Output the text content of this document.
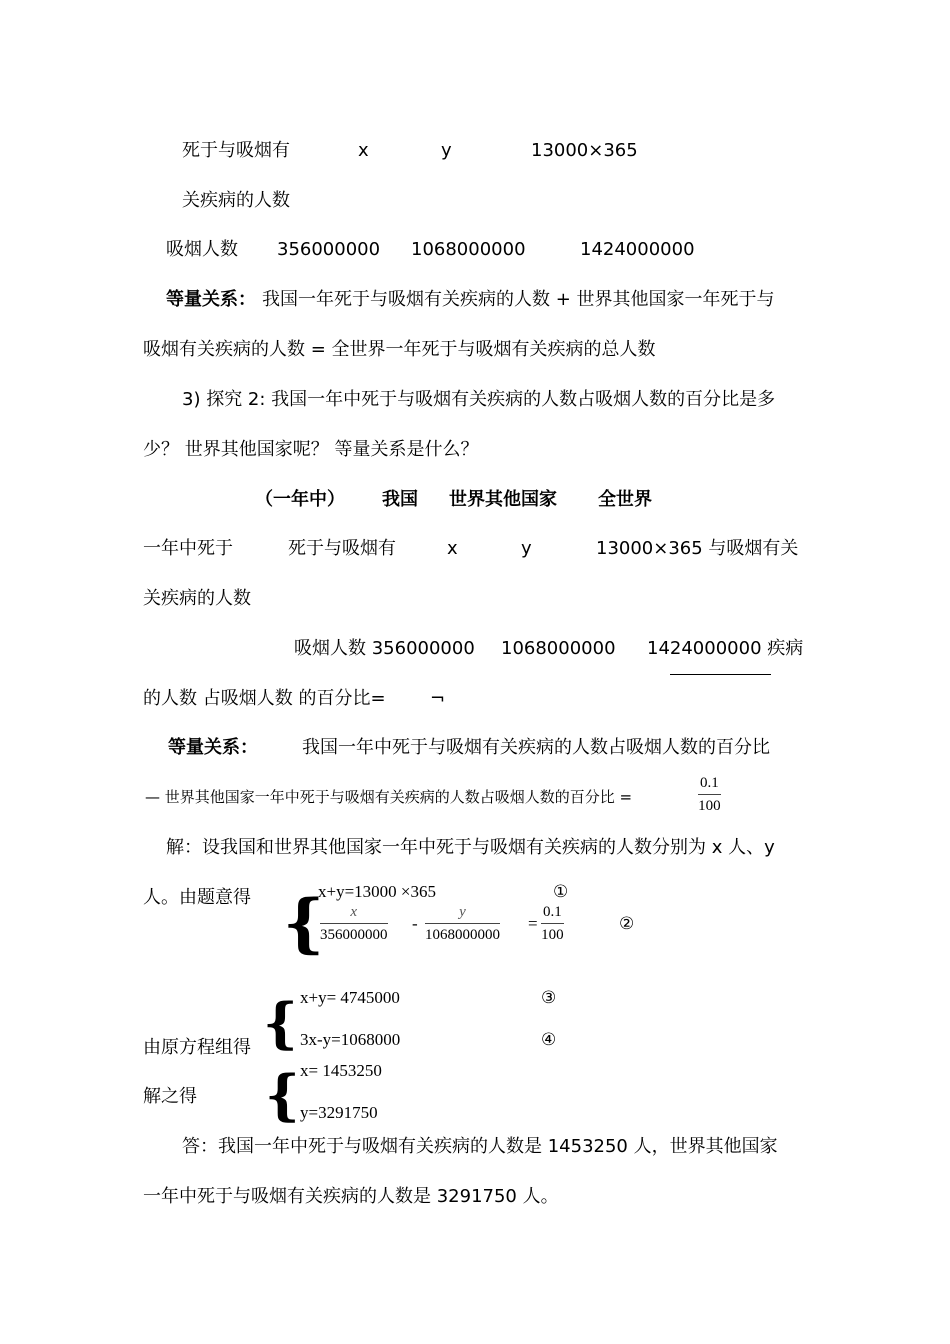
死于与吸烟有	x	y	13000×365
关疾病的人数
吸烟人数 356000000 1068000000	1424000000
等量关系： 我国一年死于与吸烟有关疾病的人数 + 世界其他国家一年死于与
吸烟有关疾病的人数 = 全世界一年死于与吸烟有关疾病的总人数
3) 探究 2: 我国一年中死于与吸烟有关疾病的人数占吸烟人数的百分比是多
少？ 世界其他国家呢？ 等量关系是什么？
（一年中） 我国 世界其他国家 全世界
一年中死于	死于与吸烟有	x	y	13000×365 与吸烟有关
关疾病的人数
吸烟人数 356000000 1068000000 1424000000 疾病
的人数 占吸烟人数 的百分比= ¬
等量关系： 我国一年中死于与吸烟有关疾病的人数占吸烟人数的百分比
— 世界其他国家一年中死于与吸烟有关疾病的人数占吸烟人数的百分比 =	$\frac{0.1}{100}$
解：设我国和世界其他国家一年中死于与吸烟有关疾病的人数分别为 x 人、y
人。由题意得 {
x+y=13000 ×365	①
$\frac{x}{356000000} - \frac{y}{1068000000} = \frac{0.1}{100}$	②
{ x+y= 4745000	③
3x-y=1068000	④
由原方程组得
{ x= 1453250
解之得
y=3291750
答：我国一年中死于与吸烟有关疾病的人数是 1453250 人，世界其他国家
一年中死于与吸烟有关疾病的人数是 3291750 人。
